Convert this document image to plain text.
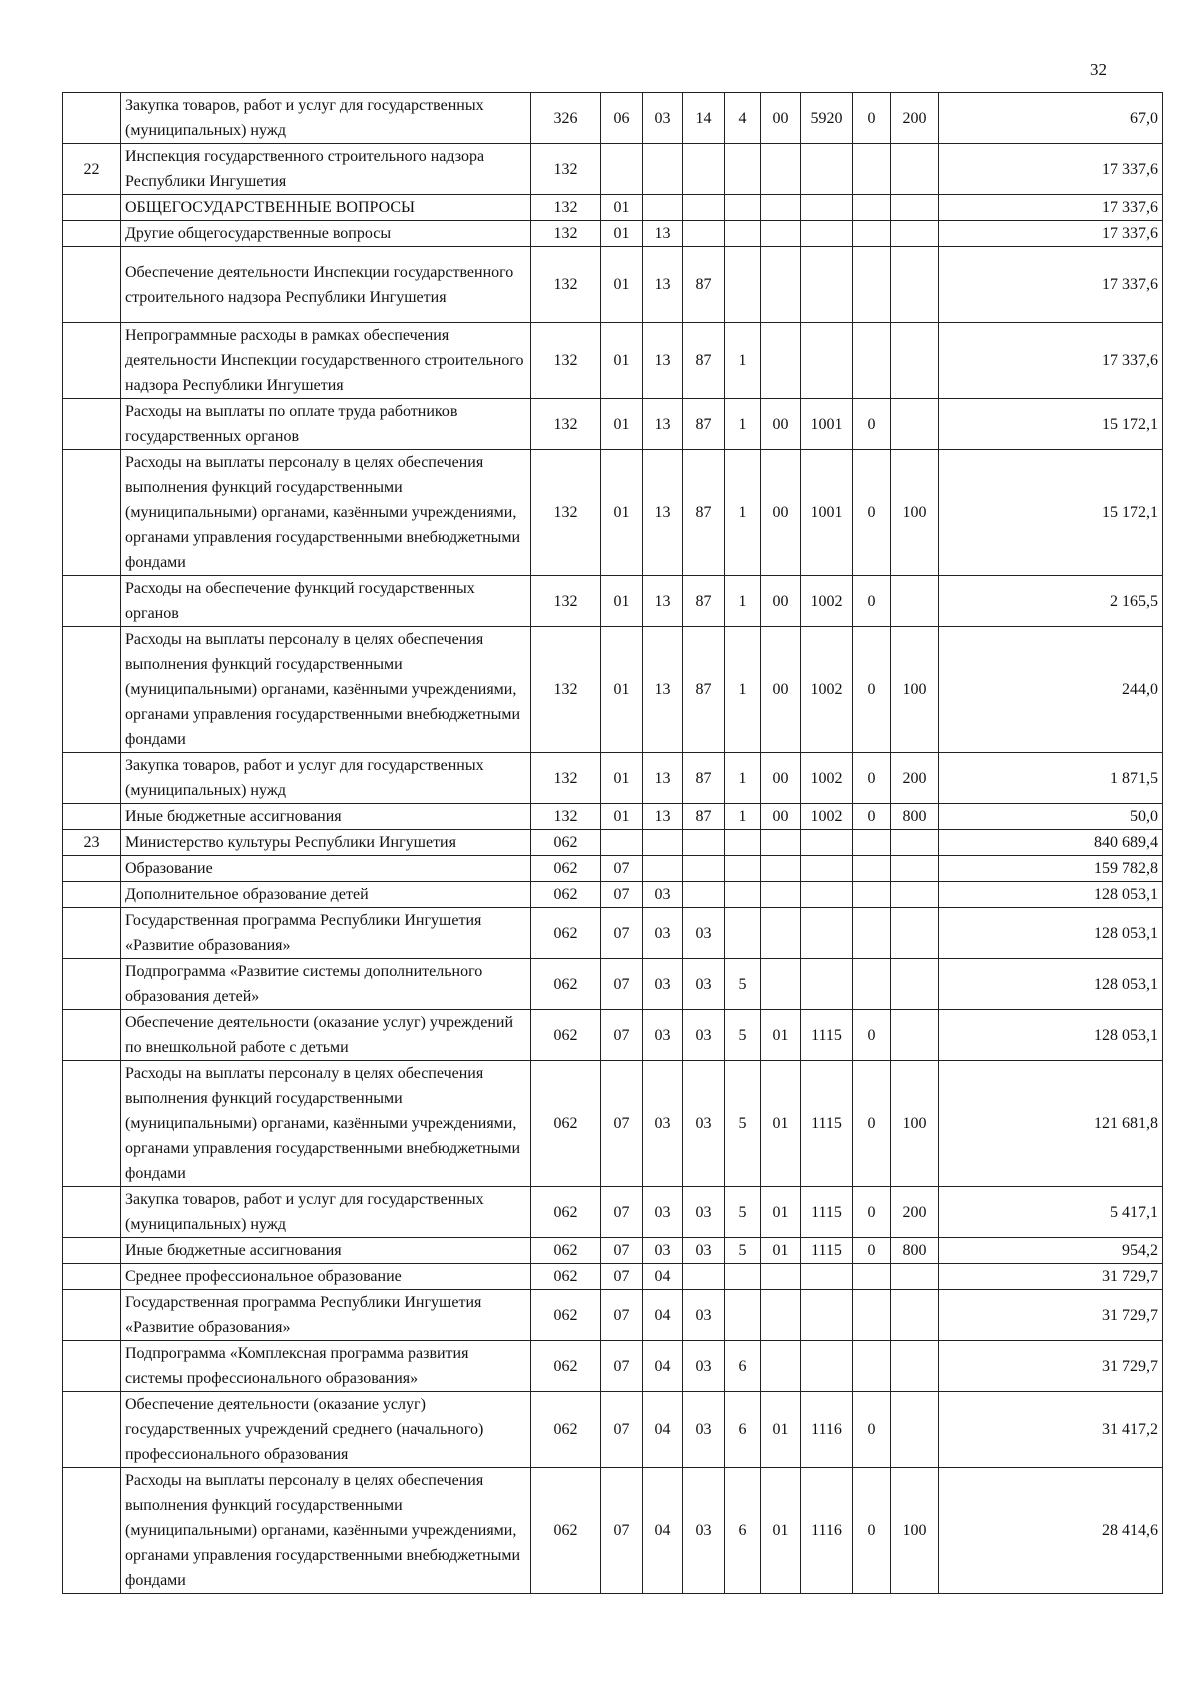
32
	Закупка товаров, работ и услуг для государственных (муниципальных) нужд	326	06	03	14	4	00	5920	0	200	67,0
22	Инспекция государственного строительного надзора Республики Ингушетия	132									17 337,6
	ОБЩЕГОСУДАРСТВЕННЫЕ ВОПРОСЫ	132	01								17 337,6
	Другие общегосударственные вопросы	132	01	13							17 337,6
	Обеспечение деятельности Инспекции государственного строительного надзора Республики Ингушетия	132	01	13	87						17 337,6
	Непрограммные расходы в рамках обеспечения деятельности Инспекции государственного строительного надзора Республики Ингушетия	132	01	13	87	1					17 337,6
	Расходы на выплаты по оплате труда работников государственных органов	132	01	13	87	1	00	1001	0		15 172,1
	Расходы на выплаты персоналу в целях обеспечения выполнения функций государственными (муниципальными) органами, казёнными учреждениями, органами управления государственными внебюджетными фондами	132	01	13	87	1	00	1001	0	100	15 172,1
	Расходы на обеспечение функций государственных органов	132	01	13	87	1	00	1002	0		2 165,5
	Расходы на выплаты персоналу в целях обеспечения выполнения функций государственными (муниципальными) органами, казёнными учреждениями, органами управления государственными внебюджетными фондами	132	01	13	87	1	00	1002	0	100	244,0
	Закупка товаров, работ и услуг для государственных (муниципальных) нужд	132	01	13	87	1	00	1002	0	200	1 871,5
	Иные бюджетные ассигнования	132	01	13	87	1	00	1002	0	800	50,0
23	Министерство культуры Республики Ингушетия	062									840 689,4
	Образование	062	07								159 782,8
	Дополнительное образование детей	062	07	03							128 053,1
	Государственная программа Республики Ингушетия «Развитие образования»	062	07	03	03						128 053,1
	Подпрограмма «Развитие системы дополнительного образования детей»	062	07	03	03	5					128 053,1
	Обеспечение деятельности (оказание услуг) учреждений по внешкольной работе с детьми	062	07	03	03	5	01	1115	0		128 053,1
	Расходы на выплаты персоналу в целях обеспечения выполнения функций государственными (муниципальными) органами, казёнными учреждениями, органами управления государственными внебюджетными фондами	062	07	03	03	5	01	1115	0	100	121 681,8
	Закупка товаров, работ и услуг для государственных (муниципальных) нужд	062	07	03	03	5	01	1115	0	200	5 417,1
	Иные бюджетные ассигнования	062	07	03	03	5	01	1115	0	800	954,2
	Среднее профессиональное образование	062	07	04							31 729,7
	Государственная программа Республики Ингушетия «Развитие образования»	062	07	04	03						31 729,7
	Подпрограмма «Комплексная программа развития системы профессионального образования»	062	07	04	03	6					31 729,7
	Обеспечение деятельности (оказание услуг) государственных учреждений среднего (начального) профессионального образования	062	07	04	03	6	01	1116	0		31 417,2
	Расходы на выплаты персоналу в целях обеспечения выполнения функций государственными (муниципальными) органами, казёнными учреждениями, органами управления государственными внебюджетными фондами	062	07	04	03	6	01	1116	0	100	28 414,6
